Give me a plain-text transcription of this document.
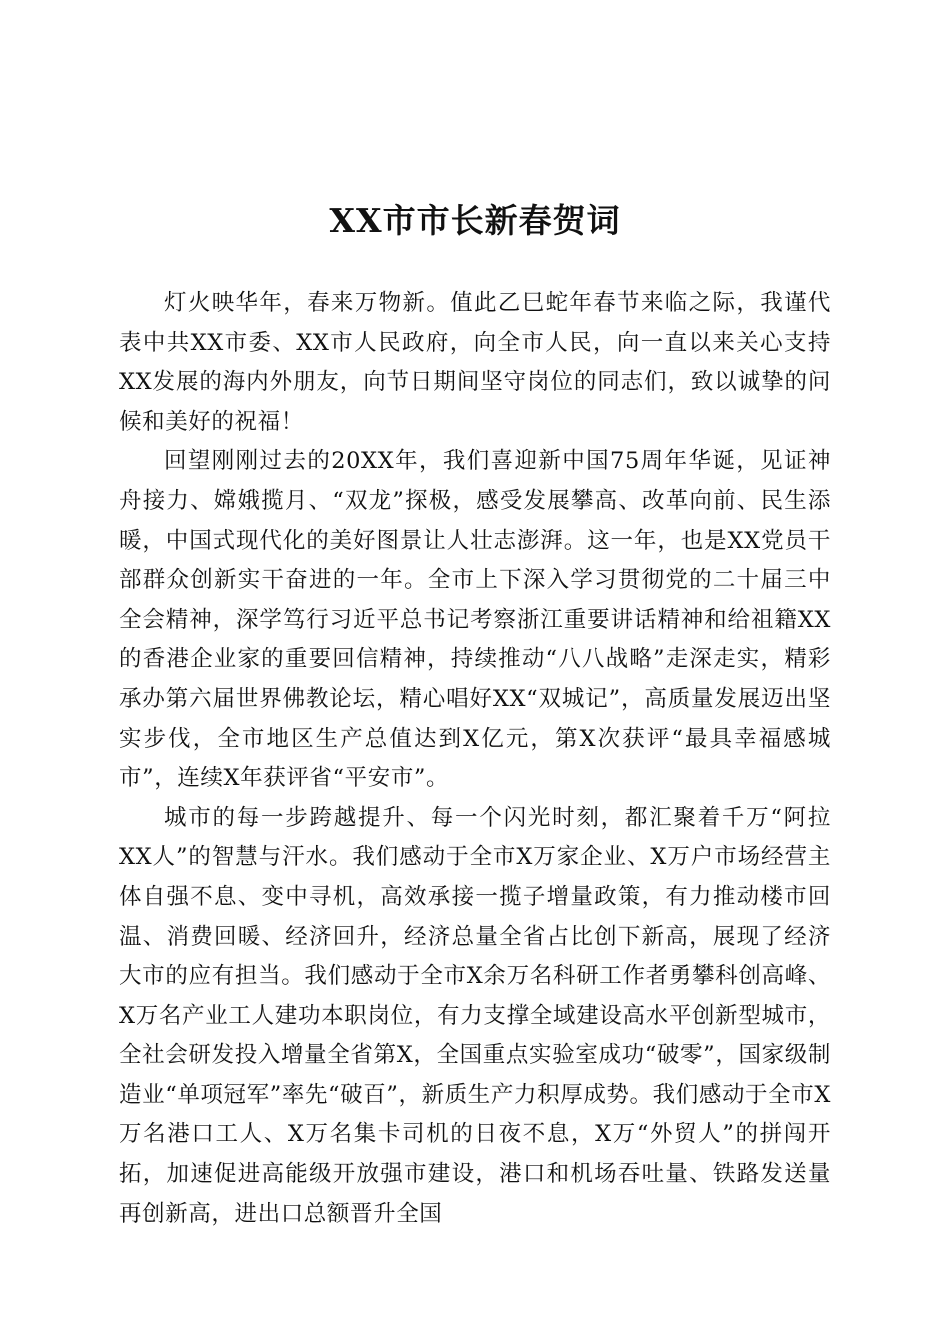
XX市市长新春贺词

灯火映华年，春来万物新。值此乙巳蛇年春节来临之际，我谨代表中共XX市委、XX市人民政府，向全市人民，向一直以来关心支持XX发展的海内外朋友，向节日期间坚守岗位的同志们，致以诚挚的问候和美好的祝福！

回望刚刚过去的20XX年，我们喜迎新中国75周年华诞，见证神舟接力、嫦娥揽月、“双龙”探极，感受发展攀高、改革向前、民生添暖，中国式现代化的美好图景让人壮志澎湃。这一年，也是XX党员干部群众创新实干奋进的一年。全市上下深入学习贯彻党的二十届三中全会精神，深学笃行习近平总书记考察浙江重要讲话精神和给祖籍XX的香港企业家的重要回信精神，持续推动“八八战略”走深走实，精彩承办第六届世界佛教论坛，精心唱好XX“双城记”，高质量发展迈出坚实步伐，全市地区生产总值达到X亿元，第X次获评“最具幸福感城市”，连续X年获评省“平安市”。

城市的每一步跨越提升、每一个闪光时刻，都汇聚着千万“阿拉XX人”的智慧与汗水。我们感动于全市X万家企业、X万户市场经营主体自强不息、变中寻机，高效承接一揽子增量政策，有力推动楼市回温、消费回暖、经济回升，经济总量全省占比创下新高，展现了经济大市的应有担当。我们感动于全市X余万名科研工作者勇攀科创高峰、X万名产业工人建功本职岗位，有力支撑全域建设高水平创新型城市，全社会研发投入增量全省第X，全国重点实验室成功“破零”，国家级制造业“单项冠军”率先“破百”，新质生产力积厚成势。我们感动于全市X万名港口工人、X万名集卡司机的日夜不息，X万“外贸人”的拼闯开拓，加速促进高能级开放强市建设，港口和机场吞吐量、铁路发送量再创新高，进出口总额晋升全国
